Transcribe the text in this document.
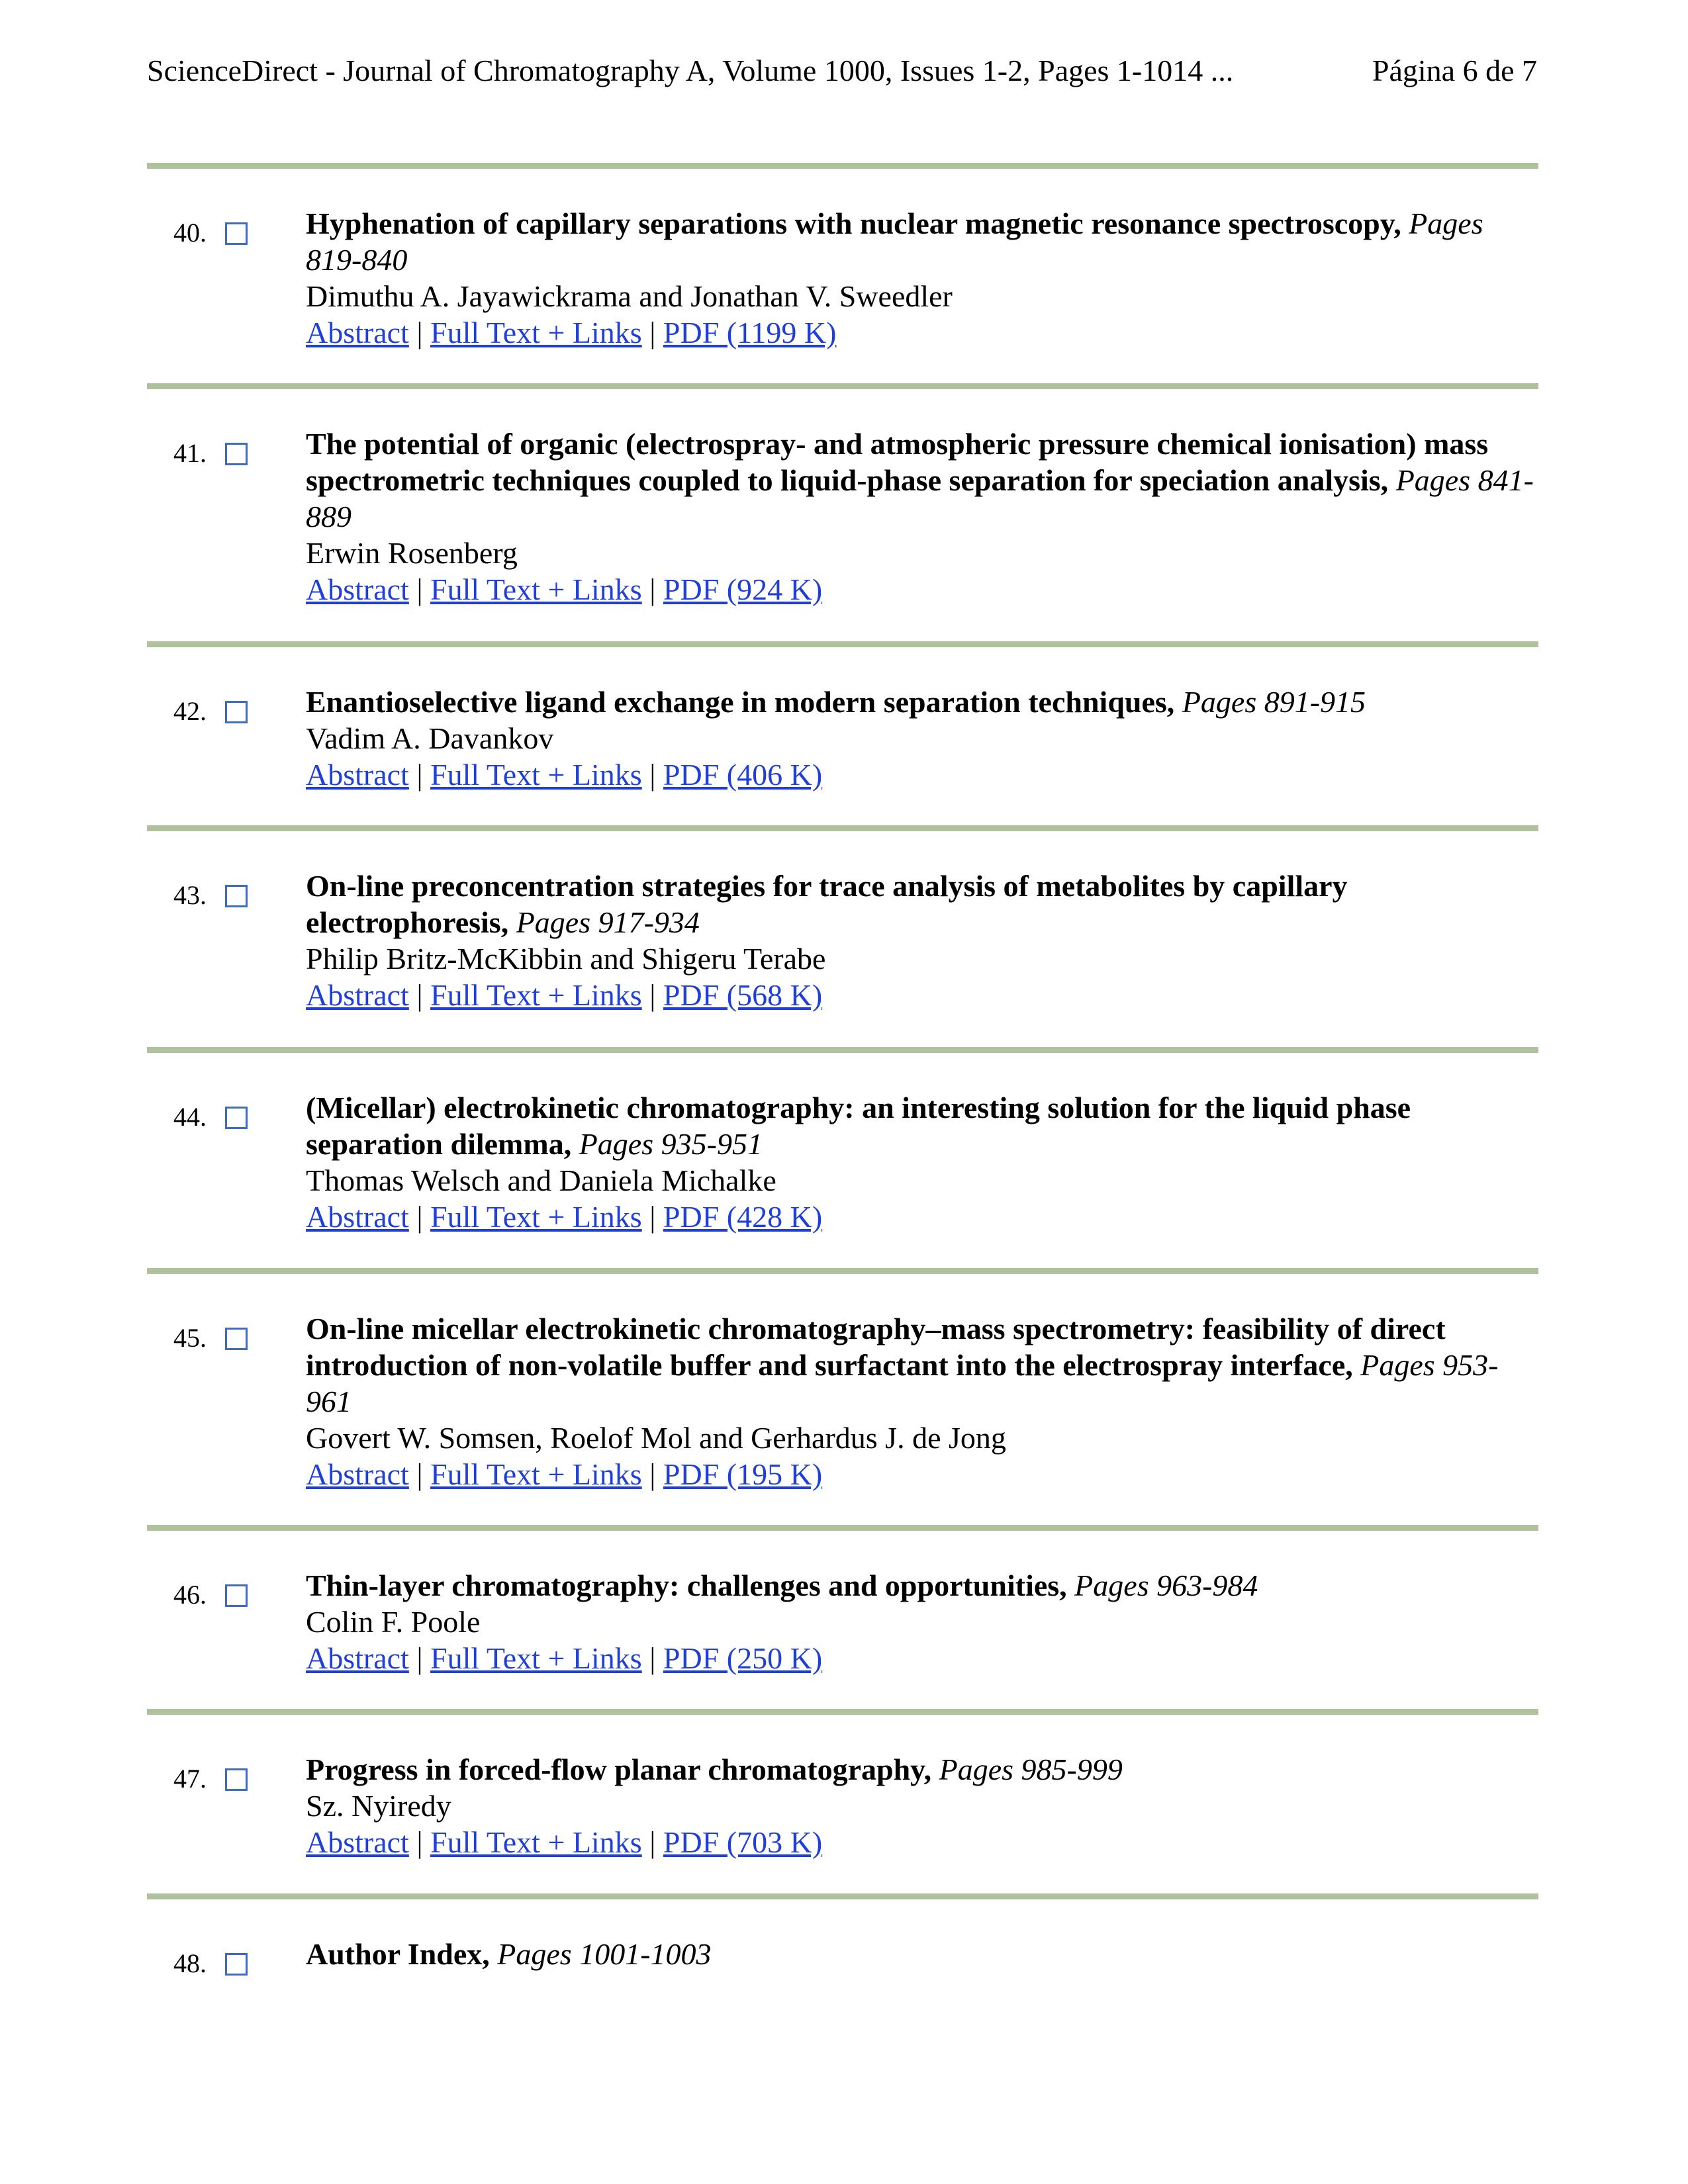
ScienceDirect - Journal of Chromatography A, Volume 1000, Issues 1-2, Pages 1-1014 ...	Página 6 de 7
40.	Hyphenation of capillary separations with nuclear magnetic resonance spectroscopy, Pages 819-840
Dimuthu A. Jayawickrama and Jonathan V. Sweedler
Abstract | Full Text + Links | PDF (1199 K)
41.	The potential of organic (electrospray- and atmospheric pressure chemical ionisation) mass spectrometric techniques coupled to liquid-phase separation for speciation analysis, Pages 841-889
Erwin Rosenberg
Abstract | Full Text + Links | PDF (924 K)
42.	Enantioselective ligand exchange in modern separation techniques, Pages 891-915
Vadim A. Davankov
Abstract | Full Text + Links | PDF (406 K)
43.	On-line preconcentration strategies for trace analysis of metabolites by capillary electrophoresis, Pages 917-934
Philip Britz-McKibbin and Shigeru Terabe
Abstract | Full Text + Links | PDF (568 K)
44.	(Micellar) electrokinetic chromatography: an interesting solution for the liquid phase separation dilemma, Pages 935-951
Thomas Welsch and Daniela Michalke
Abstract | Full Text + Links | PDF (428 K)
45.	On-line micellar electrokinetic chromatography–mass spectrometry: feasibility of direct introduction of non-volatile buffer and surfactant into the electrospray interface, Pages 953-961
Govert W. Somsen, Roelof Mol and Gerhardus J. de Jong
Abstract | Full Text + Links | PDF (195 K)
46.	Thin-layer chromatography: challenges and opportunities, Pages 963-984
Colin F. Poole
Abstract | Full Text + Links | PDF (250 K)
47.	Progress in forced-flow planar chromatography, Pages 985-999
Sz. Nyiredy
Abstract | Full Text + Links | PDF (703 K)
48.	Author Index, Pages 1001-1003
